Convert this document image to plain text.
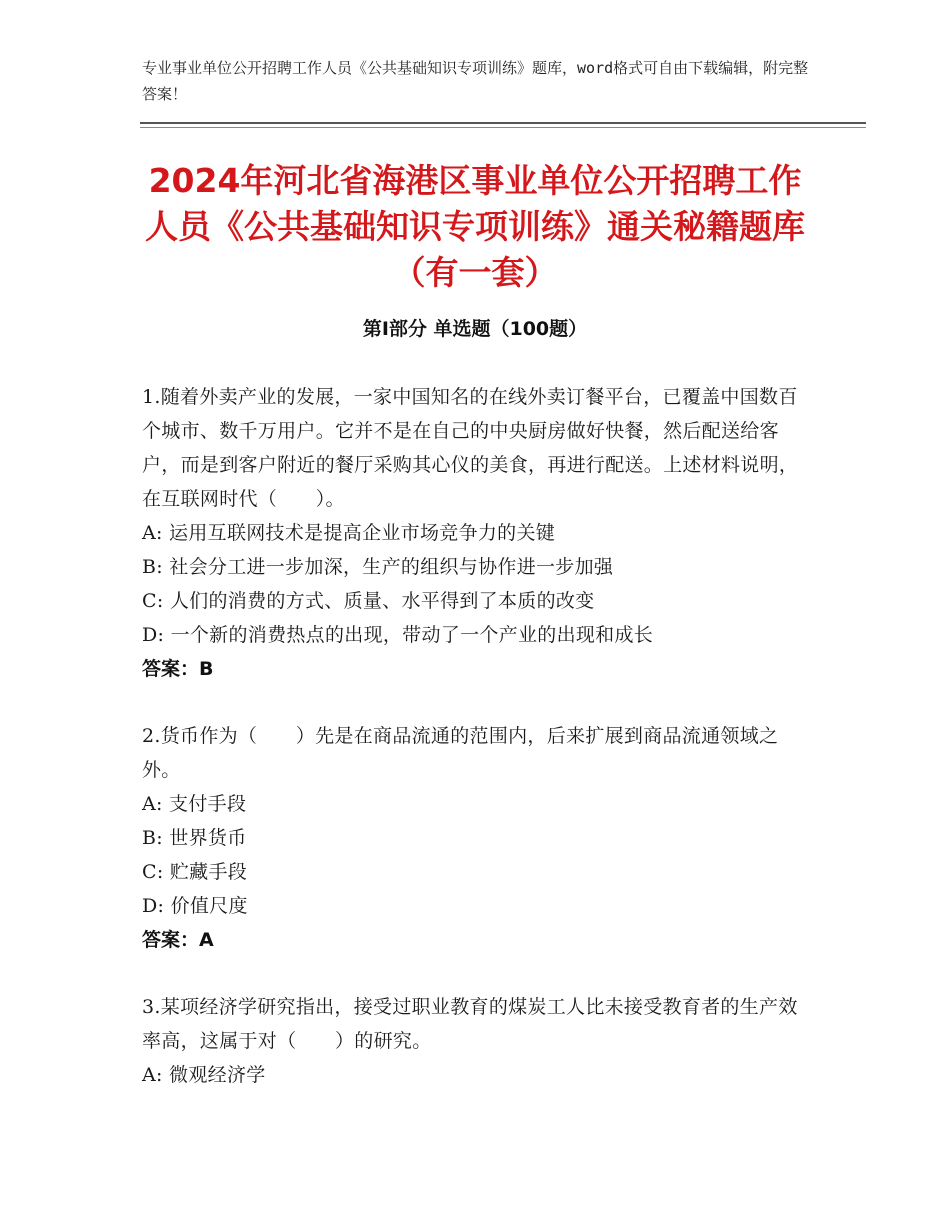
专业事业单位公开招聘工作人员《公共基础知识专项训练》题库，word格式可自由下载编辑，附完整答案！
2024年河北省海港区事业单位公开招聘工作人员《公共基础知识专项训练》通关秘籍题库（有一套）
第Ⅰ部分 单选题（100题）
1.随着外卖产业的发展，一家中国知名的在线外卖订餐平台，已覆盖中国数百个城市、数千万用户。它并不是在自己的中央厨房做好快餐，然后配送给客户，而是到客户附近的餐厅采购其心仪的美食，再进行配送。上述材料说明，在互联网时代（　　）。
A: 运用互联网技术是提高企业市场竞争力的关键
B: 社会分工进一步加深，生产的组织与协作进一步加强
C: 人们的消费的方式、质量、水平得到了本质的改变
D: 一个新的消费热点的出现，带动了一个产业的出现和成长
答案：B
2.货币作为（　　）先是在商品流通的范围内，后来扩展到商品流通领域之外。
A: 支付手段
B: 世界货币
C: 贮藏手段
D: 价值尺度
答案：A
3.某项经济学研究指出，接受过职业教育的煤炭工人比未接受教育者的生产效率高，这属于对（　　）的研究。
A: 微观经济学
